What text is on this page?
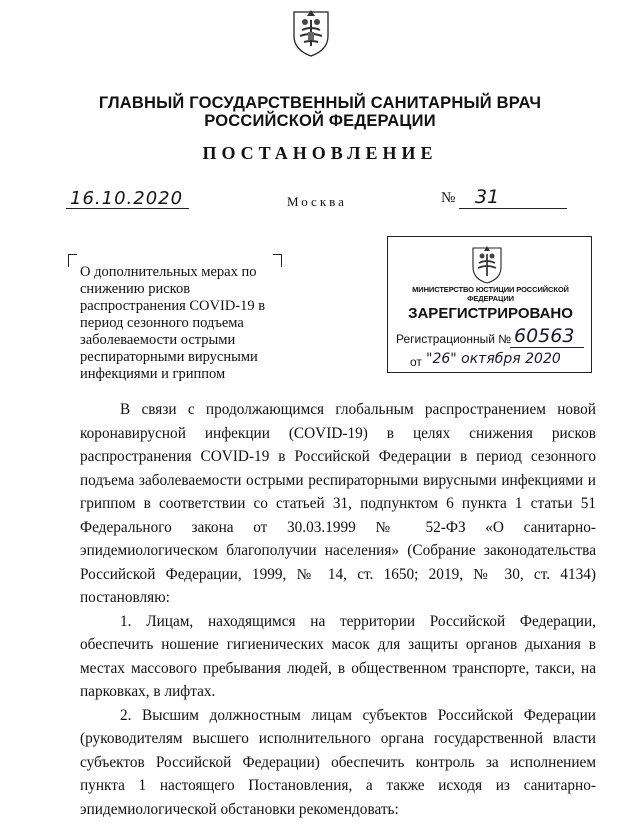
ГЛАВНЫЙ ГОСУДАРСТВЕННЫЙ САНИТАРНЫЙ ВРАЧ
РОССИЙСКОЙ ФЕДЕРАЦИИ
ПОСТАНОВЛЕНИЕ
16.10.2020	Москва	№ 31
О дополнительных мерах по снижению рисков распространения COVID-19 в период сезонного подъема заболеваемости острыми респираторными вирусными инфекциями и гриппом
МИНИСТЕРСТВО ЮСТИЦИИ РОССИЙСКОЙ ФЕДЕРАЦИИ
ЗАРЕГИСТРИРОВАНО
Регистрационный № 60563
от "26" октября 2020

В связи с продолжающимся глобальным распространением новой коронавирусной инфекции (COVID-19) в целях снижения рисков распространения COVID-19 в Российской Федерации в период сезонного подъема заболеваемости острыми респираторными вирусными инфекциями и гриппом в соответствии со статьей 31, подпунктом 6 пункта 1 статьи 51 Федерального закона от 30.03.1999 № 52-ФЗ «О санитарно-эпидемиологическом благополучии населения» (Собрание законодательства Российской Федерации, 1999, № 14, ст. 1650; 2019, № 30, ст. 4134) постановляю:

1. Лицам, находящимся на территории Российской Федерации, обеспечить ношение гигиенических масок для защиты органов дыхания в местах массового пребывания людей, в общественном транспорте, такси, на парковках, в лифтах.

2. Высшим должностным лицам субъектов Российской Федерации (руководителям высшего исполнительного органа государственной власти субъектов Российской Федерации) обеспечить контроль за исполнением пункта 1 настоящего Постановления, а также исходя из санитарно-эпидемиологической обстановки рекомендовать:
